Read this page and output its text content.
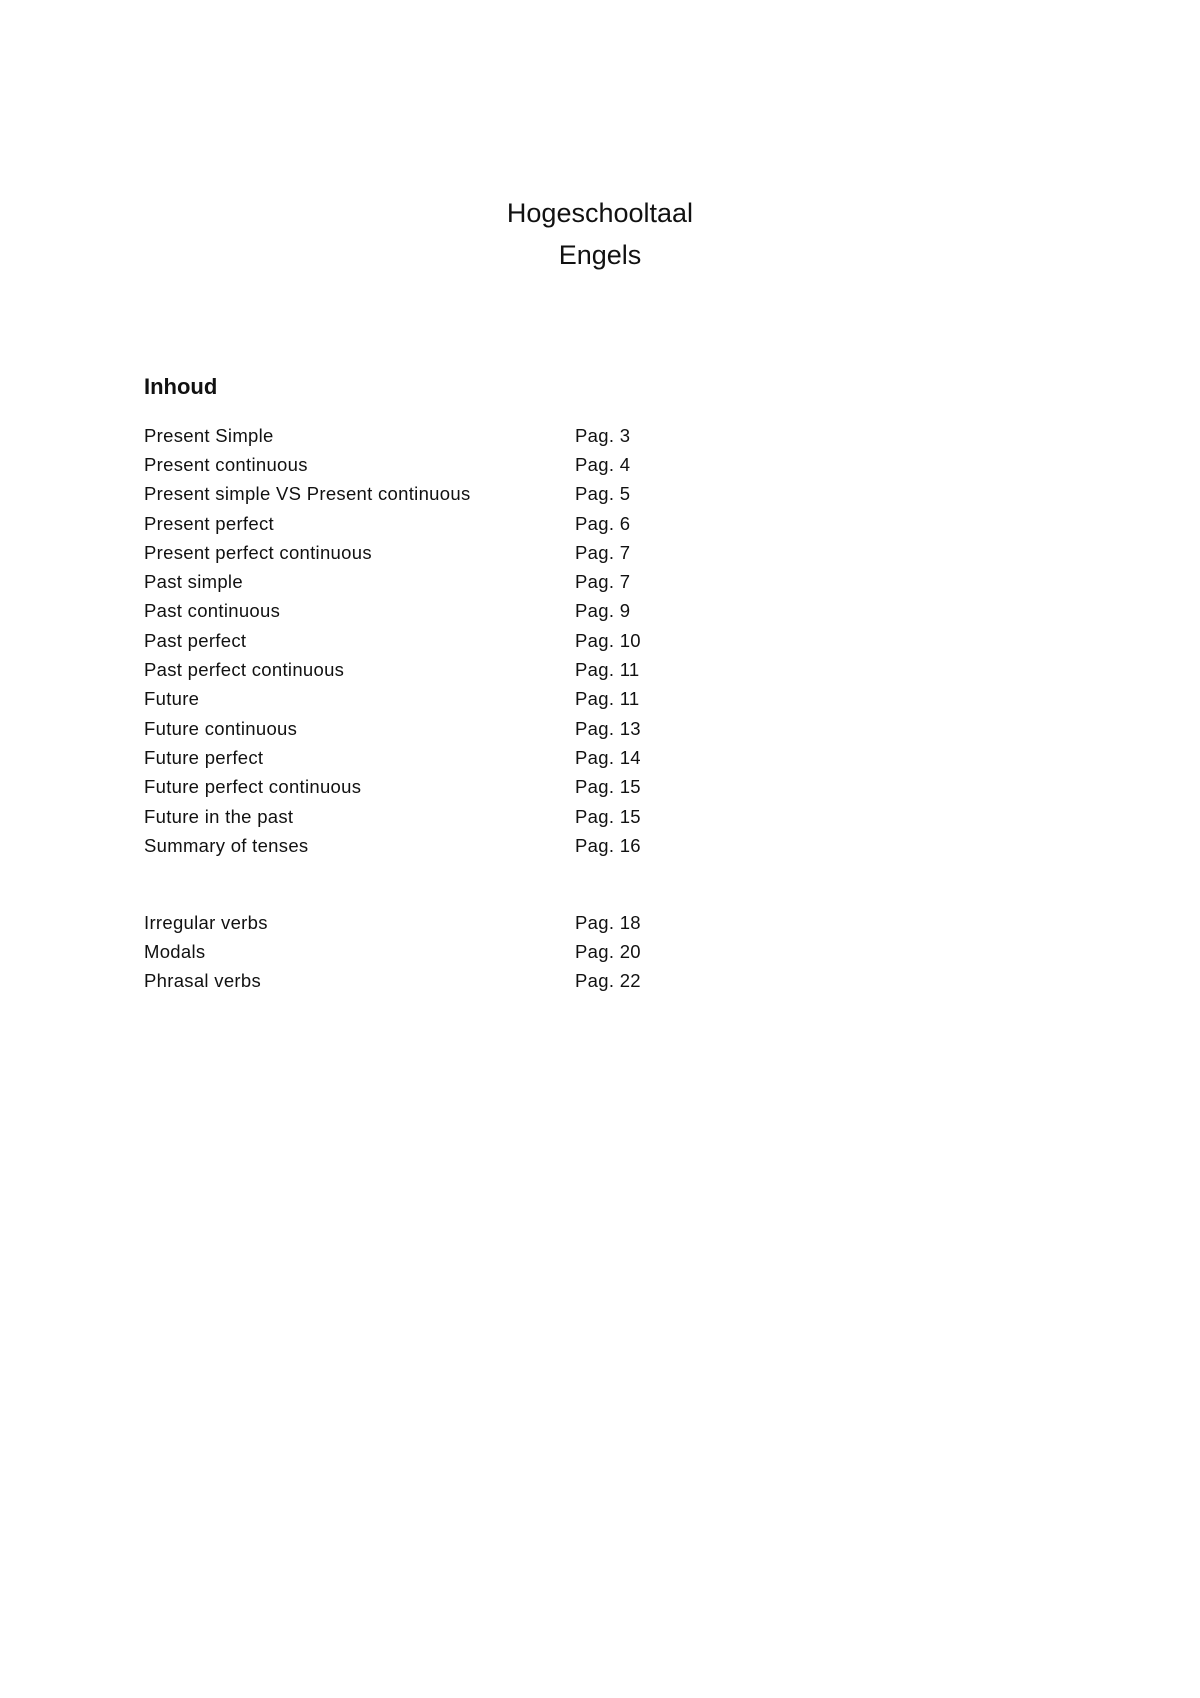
Hogeschooltaal
Engels
Inhoud
Present Simple	Pag. 3
Present continuous	Pag. 4
Present simple VS Present continuous	Pag. 5
Present perfect	Pag. 6
Present perfect continuous	Pag. 7
Past simple	Pag. 7
Past continuous	Pag. 9
Past perfect	Pag. 10
Past perfect continuous	Pag. 11
Future	Pag. 11
Future continuous	Pag. 13
Future perfect	Pag. 14
Future perfect continuous	Pag. 15
Future in the past	Pag. 15
Summary of tenses	Pag. 16
Irregular verbs	Pag. 18
Modals	Pag. 20
Phrasal verbs	Pag. 22
